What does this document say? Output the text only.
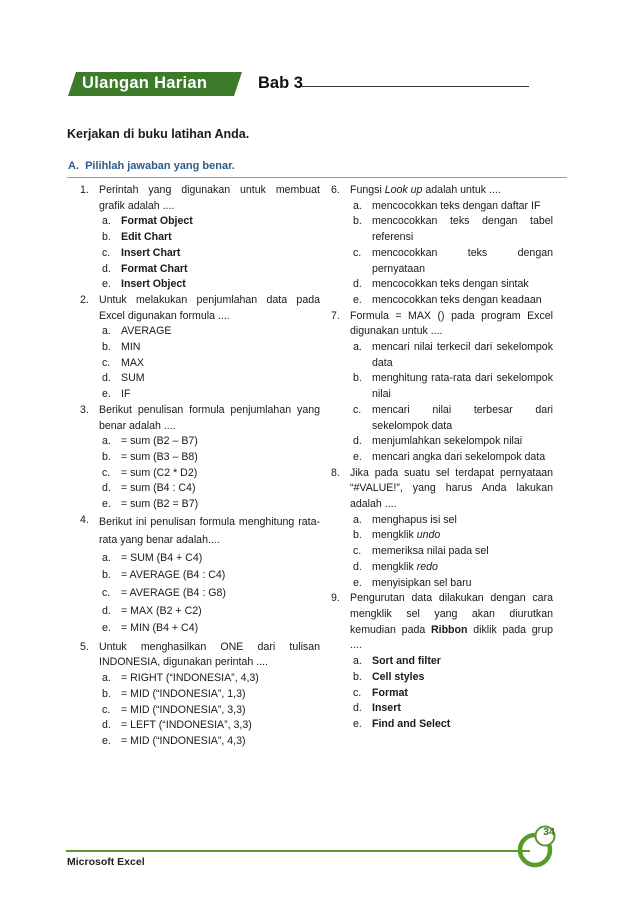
Ulangan Harian	Bab 3
Kerjakan di buku latihan Anda.
A. Pilihlah jawaban yang benar.
1. Perintah yang digunakan untuk membuat grafik adalah ....
a. Format Object
b. Edit Chart
c. Insert Chart
d. Format Chart
e. Insert Object
2. Untuk melakukan penjumlahan data pada Excel digunakan formula ....
a. AVERAGE
b. MIN
c. MAX
d. SUM
e. IF
3. Berikut penulisan formula penjumlahan yang benar adalah ....
a. = sum (B2 – B7)
b. = sum (B3 – B8)
c. = sum (C2 * D2)
d. = sum (B4 : C4)
e. = sum (B2 = B7)
4. Berikut ini penulisan formula menghitung rata-rata yang benar adalah....
a. = SUM (B4 + C4)
b. = AVERAGE (B4 : C4)
c. = AVERAGE (B4 : G8)
d. = MAX (B2 + C2)
e. = MIN (B4 + C4)
5. Untuk menghasilkan ONE dari tulisan INDONESIA, digunakan perintah ....
a. = RIGHT (“INDONESIA”, 4,3)
b. = MID (“INDONESIA”, 1,3)
c. = MID (“INDONESIA”, 3,3)
d. = LEFT (“INDONESIA”, 3,3)
e. = MID (“INDONESIA”, 4,3)
6. Fungsi Look up adalah untuk ....
a. mencocokkan teks dengan daftar IF
b. mencocokkan teks dengan tabel referensi
c. mencocokkan teks dengan pernyataan
d. mencocokkan teks dengan sintak
e. mencocokkan teks dengan keadaan
7. Formula = MAX () pada program Excel digunakan untuk ....
a. mencari nilai terkecil dari sekelompok data
b. menghitung rata-rata dari sekelompok nilai
c. mencari nilai terbesar dari sekelompok data
d. menjumlahkan sekelompok nilai
e. mencari angka dari sekelompok data
8. Jika pada suatu sel terdapat pernyataan “#VALUE!”, yang harus Anda lakukan adalah ....
a. menghapus isi sel
b. mengklik undo
c. memeriksa nilai pada sel
d. mengklik redo
e. menyisipkan sel baru
9. Pengurutan data dilakukan dengan cara mengklik sel yang akan diurutkan kemudian pada Ribbon diklik pada grup ....
a. Sort and filter
b. Cell styles
c. Format
d. Insert
e. Find and Select
34
Microsoft Excel
